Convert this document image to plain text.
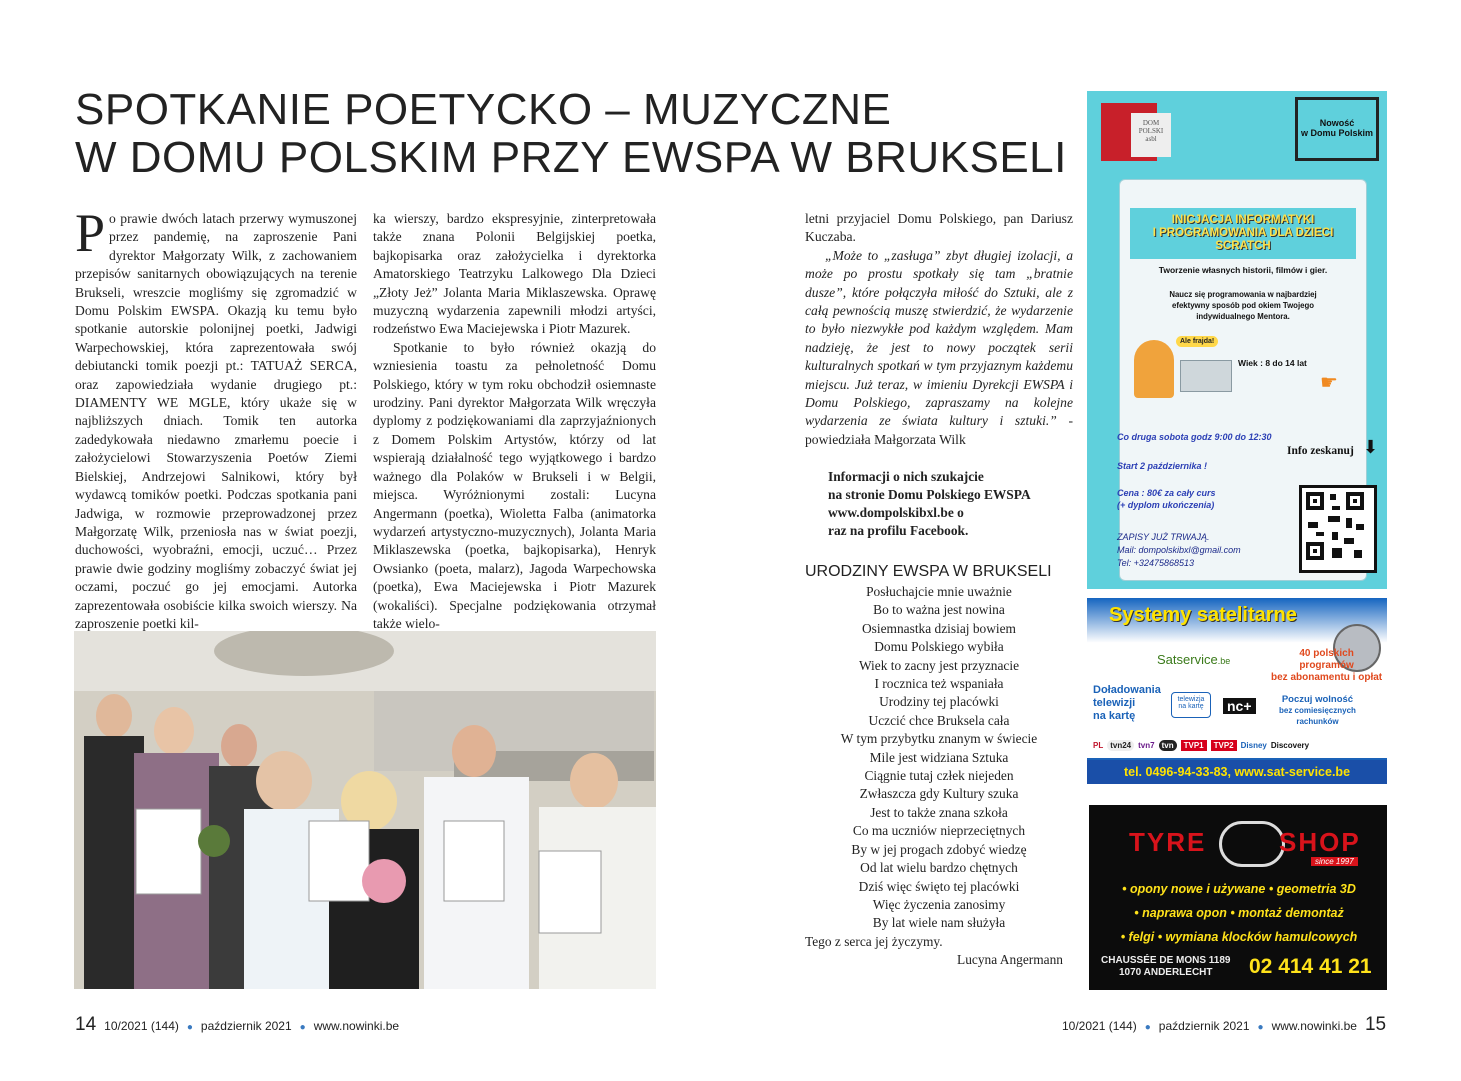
SPOTKANIE POETYCKO – MUZYCZNE
W DOMU POLSKIM PRZY EWSPA W BRUKSELI
P o prawie dwóch latach przerwy wymuszonej przez pandemię, na zaproszenie Pani dyrektor Małgorzaty Wilk, z zachowaniem przepisów sanitarnych obowiązujących na terenie Brukseli, wreszcie mogliśmy się zgromadzić w Domu Polskim EWSPA. Okazją ku temu było spotkanie autorskie polonijnej poetki, Jadwigi Warpechowskiej, która zaprezentowała swój debiutancki tomik poezji pt.: TATUAŻ SERCA, oraz zapowiedziała wydanie drugiego pt.: DIAMENTY WE MGLE, który ukaże się w najbliższych dniach. Tomik ten autorka zadedykowała niedawno zmarłemu poecie i założycielowi Stowarzyszenia Poetów Ziemi Bielskiej, Andrzejowi Salnikowi, który był wydawcą tomików poetki. Podczas spotkania pani Jadwiga, w rozmowie przeprowadzonej przez Małgorzatę Wilk, przeniosła nas w świat poezji, duchowości, wyobraźni, emocji, uczuć… Przez prawie dwie godziny mogliśmy zobaczyć świat jej oczami, poczuć go jej emocjami. Autorka zaprezentowała osobiście kilka swoich wierszy. Na zaproszenie poetki kil-

ka wierszy, bardzo ekspresyjnie, zinterpretowała także znana Polonii Belgijskiej poetka, bajkopisarka oraz założycielka i dyrektorka Amatorskiego Teatrzyku Lalkowego Dla Dzieci „Złoty Jeż” Jolanta Maria Miklaszewska. Oprawę muzyczną wydarzenia zapewnili młodzi artyści, rodzeństwo Ewa Maciejewska i Piotr Mazurek.

Spotkanie to było również okazją do wzniesienia toastu za pełnoletność Domu Polskiego, który w tym roku obchodził osiemnaste urodziny. Pani dyrektor Małgorzata Wilk wręczyła dyplomy z podziękowaniami dla zaprzyjaźnionych z Domem Polskim Artystów, którzy od lat wspierają działalność tego wyjątkowego i bardzo ważnego dla Polaków w Brukseli i w Belgii, miejsca. Wyróżnionymi zostali: Lucyna Angermann (poetka), Wioletta Falba (animatorka wydarzeń artystyczno-muzycznych), Jolanta Maria Miklaszewska (poetka, bajkopisarka), Henryk Owsianko (poeta, malarz), Jagoda Warpechowska (poetka), Ewa Maciejewska i Piotr Mazurek (wokaliści). Specjalne podziękowania otrzymał także wielo-

letni przyjaciel Domu Polskiego, pan Dariusz Kuczaba.

„Może to „zasługa” zbyt długiej izolacji, a może po prostu spotkały się tam „bratnie dusze”, które połączyła miłość do Sztuki, ale z całą pewnością muszę stwierdzić, że wydarzenie to było niezwykłe pod każdym względem. Mam nadzieję, że jest to nowy początek serii kulturalnych spotkań w tym przyjaznym każdemu miejscu. Już teraz, w imieniu Dyrekcji EWSPA i Domu Polskiego, zapraszamy na kolejne wydarzenia ze świata kultury i sztuki.” - powiedziała Małgorzata Wilk

Informacji o nich szukajcie
na stronie Domu Polskiego EWSPA
www.dompolskibxl.be o
raz na profilu Facebook.
URODZINY EWSPA W BRUKSELI
Posłuchajcie mnie uważnie
Bo to ważna jest nowina
Osiemnastka dzisiaj bowiem
Domu Polskiego wybiła
Wiek to zacny jest przyznacie
I rocznica też wspaniała
Urodziny tej placówki
Uczcić chce Bruksela cała
W tym przybytku znanym w świecie
Mile jest widziana Sztuka
Ciągnie tutaj człek niejeden
Zwłaszcza gdy Kultury szuka
Jest to także znana szkoła
Co ma uczniów nieprzeciętnych
By w jej progach zdobyć wiedzę
Od lat wielu bardzo chętnych
Dziś więc święto tej placówki
Więc życzenia zanosimy
By lat wiele nam służyła
Tego z serca jej życzymy.
Lucyna Angermann
DOM
POLSKI
asbl
Nowość
w Domu Polskim
INICJACJA INFORMATYKI
I PROGRAMOWANIA DLA DZIECI
SCRATCH
Tworzenie własnych historii, filmów i gier.
Naucz się programowania w najbardziej
efektywny sposób pod okiem Twojego
indywidualnego Mentora.
Ale frajda!
Wiek : 8 do 14 lat
☛
Co druga sobota godz 9:00 do 12:30
Start 2 października !
Cena : 80€ za cały curs
(+ dyplom ukończenia)
Info zeskanuj ⬇
ZAPISY JUŻ TRWAJĄ.
Mail: dompolskibxl@gmail.com
Tel: +32475868513
Systemy satelitarne
Satservice.be
40 polskich
programów
bez abonamentu i opłat
Doładowania
telewizji
na kartę
telewizja
na kartę	nc+	Poczuj wolność
bez comiesięcznych
rachunków
PL tvn24 tvn7 tvn	TVP1	TVP2 Disney Discovery
tel. 0496-94-33-83, www.sat-service.be
TYRE	SHOP
since 1997
• opony nowe i używane • geometria 3D
• naprawa opon • montaż demontaż
• felgi • wymiana klocków hamulcowych
CHAUSSÉE DE MONS 1189
1070 ANDERLECHT	02 414 41 21
14 10/2021 (144) ● październik 2021 ● www.nowinki.be	10/2021 (144) ● październik 2021 ● www.nowinki.be 15
